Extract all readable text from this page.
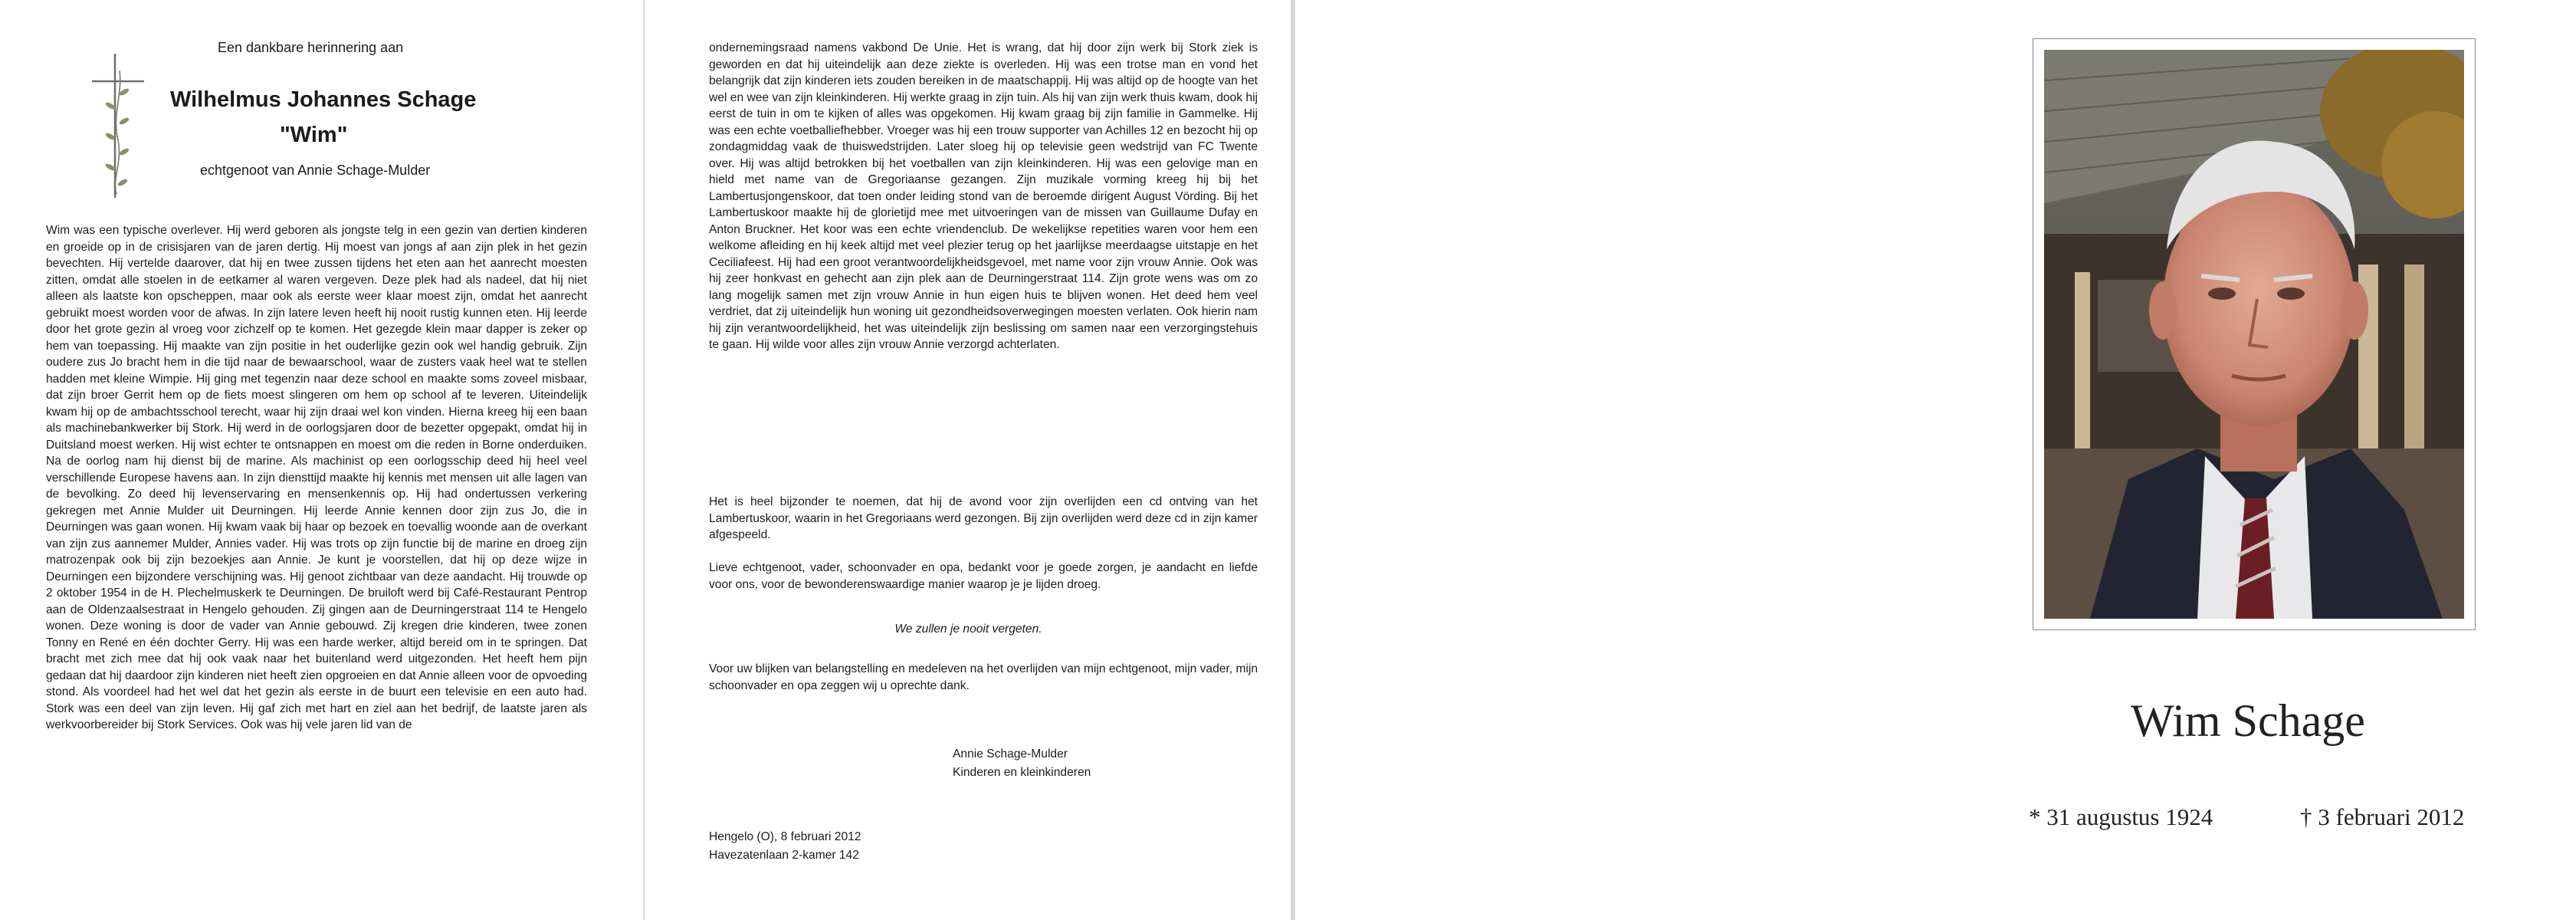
Een dankbare herinnering aan
Wilhelmus Johannes Schage
"Wim"
echtgenoot van Annie Schage-Mulder

Wim was een typische overlever. Hij werd geboren als jongste telg in een gezin van dertien kinderen en groeide op in de crisisjaren van de jaren dertig. Hij moest van jongs af aan zijn plek in het gezin bevechten. Hij vertelde daarover, dat hij en twee zussen tijdens het eten aan het aanrecht moesten zitten, omdat alle stoelen in de eetkamer al waren vergeven. Deze plek had als nadeel, dat hij niet alleen als laatste kon opscheppen, maar ook als eerste weer klaar moest zijn, omdat het aanrecht gebruikt moest worden voor de afwas. In zijn latere leven heeft hij nooit rustig kunnen eten. Hij leerde door het grote gezin al vroeg voor zichzelf op te komen. Het gezegde klein maar dapper is zeker op hem van toepassing. Hij maakte van zijn positie in het ouderlijke gezin ook wel handig gebruik. Zijn oudere zus Jo bracht hem in die tijd naar de bewaarschool, waar de zusters vaak heel wat te stellen hadden met kleine Wimpie. Hij ging met tegenzin naar deze school en maakte soms zoveel misbaar, dat zijn broer Gerrit hem op de fiets moest slingeren om hem op school af te leveren. Uiteindelijk kwam hij op de ambachtsschool terecht, waar hij zijn draai wel kon vinden. Hierna kreeg hij een baan als machinebankwerker bij Stork. Hij werd in de oorlogsjaren door de bezetter opgepakt, omdat hij in Duitsland moest werken. Hij wist echter te ontsnappen en moest om die reden in Borne onderduiken. Na de oorlog nam hij dienst bij de marine. Als machinist op een oorlogsschip deed hij heel veel verschillende Europese havens aan. In zijn diensttijd maakte hij kennis met mensen uit alle lagen van de bevolking. Zo deed hij levenservaring en mensenkennis op. Hij had ondertussen verkering gekregen met Annie Mulder uit Deurningen. Hij leerde Annie kennen door zijn zus Jo, die in Deurningen was gaan wonen. Hij kwam vaak bij haar op bezoek en toevallig woonde aan de overkant van zijn zus aannemer Mulder, Annies vader. Hij was trots op zijn functie bij de marine en droeg zijn matrozenpak ook bij zijn bezoekjes aan Annie. Je kunt je voorstellen, dat hij op deze wijze in Deurningen een bijzondere verschijning was. Hij genoot zichtbaar van deze aandacht. Hij trouwde op 2 oktober 1954 in de H. Plechelmuskerk te Deurningen. De bruiloft werd bij Café-Restaurant Pentrop aan de Oldenzaalsestraat in Hengelo gehouden. Zij gingen aan de Deurningerstraat 114 te Hengelo wonen. Deze woning is door de vader van Annie gebouwd. Zij kregen drie kinderen, twee zonen Tonny en René en één dochter Gerry. Hij was een harde werker, altijd bereid om in te springen. Dat bracht met zich mee dat hij ook vaak naar het buitenland werd uitgezonden. Het heeft hem pijn gedaan dat hij daardoor zijn kinderen niet heeft zien opgroeien en dat Annie alleen voor de opvoeding stond. Als voordeel had het wel dat het gezin als eerste in de buurt een televisie en een auto had. Stork was een deel van zijn leven. Hij gaf zich met hart en ziel aan het bedrijf, de laatste jaren als werkvoorbereider bij Stork Services. Ook was hij vele jaren lid van de

ondernemingsraad namens vakbond De Unie. Het is wrang, dat hij door zijn werk bij Stork ziek is geworden en dat hij uiteindelijk aan deze ziekte is overleden. Hij was een trotse man en vond het belangrijk dat zijn kinderen iets zouden bereiken in de maatschappij. Hij was altijd op de hoogte van het wel en wee van zijn kleinkinderen. Hij werkte graag in zijn tuin. Als hij van zijn werk thuis kwam, dook hij eerst de tuin in om te kijken of alles was opgekomen. Hij kwam graag bij zijn familie in Gammelke. Hij was een echte voetballiefhebber. Vroeger was hij een trouw supporter van Achilles 12 en bezocht hij op zondagmiddag vaak de thuiswedstrijden. Later sloeg hij op televisie geen wedstrijd van FC Twente over. Hij was altijd betrokken bij het voetballen van zijn kleinkinderen. Hij was een gelovige man en hield met name van de Gregoriaanse gezangen. Zijn muzikale vorming kreeg hij bij het Lambertusjongenskoor, dat toen onder leiding stond van de beroemde dirigent August Vörding. Bij het Lambertuskoor maakte hij de glorietijd mee met uitvoeringen van de missen van Guillaume Dufay en Anton Bruckner. Het koor was een echte vriendenclub. De wekelijkse repetities waren voor hem een welkome afleiding en hij keek altijd met veel plezier terug op het jaarlijkse meerdaagse uitstapje en het Ceciliafeest. Hij had een groot verantwoordelijkheidsgevoel, met name voor zijn vrouw Annie. Ook was hij zeer honkvast en gehecht aan zijn plek aan de Deurningerstraat 114. Zijn grote wens was om zo lang mogelijk samen met zijn vrouw Annie in hun eigen huis te blijven wonen. Het deed hem veel verdriet, dat zij uiteindelijk hun woning uit gezondheidsoverwegingen moesten verlaten. Ook hierin nam hij zijn verantwoordelijkheid, het was uiteindelijk zijn beslissing om samen naar een verzorgingstehuis te gaan. Hij wilde voor alles zijn vrouw Annie verzorgd achterlaten.

Het is heel bijzonder te noemen, dat hij de avond voor zijn overlijden een cd ontving van het Lambertuskoor, waarin in het Gregoriaans werd gezongen. Bij zijn overlijden werd deze cd in zijn kamer afgespeeld.

Lieve echtgenoot, vader, schoonvader en opa, bedankt voor je goede zorgen, je aandacht en liefde voor ons, voor de bewonderenswaardige manier waarop je je lijden droeg.

We zullen je nooit vergeten.

Voor uw blijken van belangstelling en medeleven na het overlijden van mijn echtgenoot, mijn vader, mijn schoonvader en opa zeggen wij u oprechte dank.

Annie Schage-Mulder
Kinderen en kleinkinderen
Hengelo (O), 8 februari 2012
Havezatenlaan 2-kamer 142
Wim Schage
* 31 augustus 1924	† 3 februari 2012
